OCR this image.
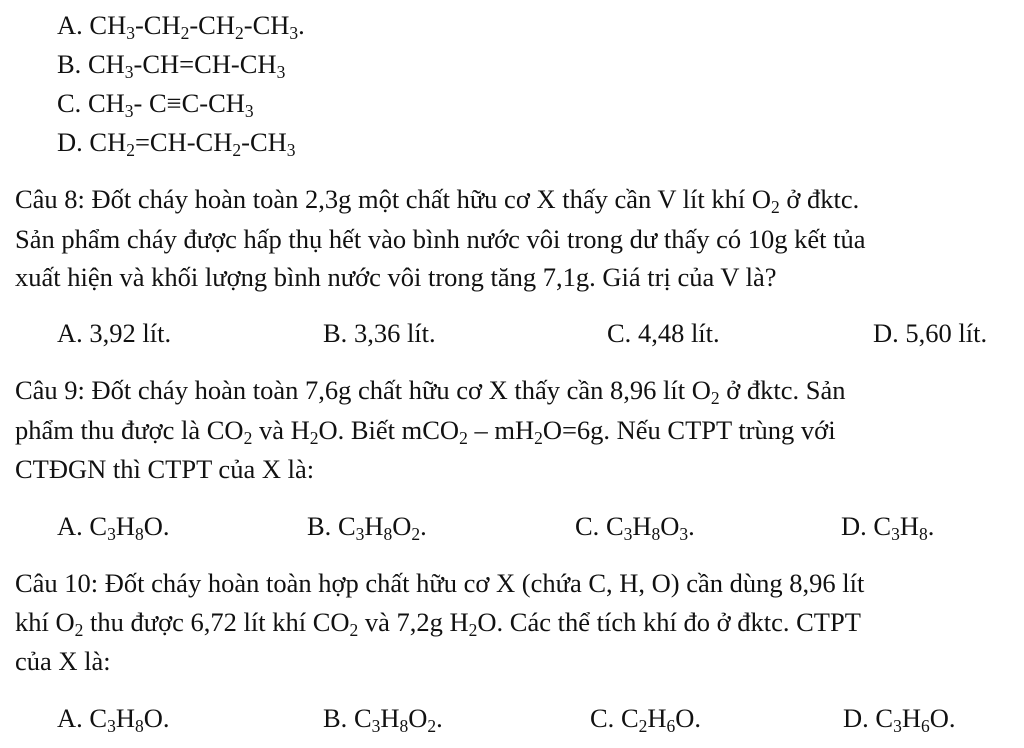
A. CH3-CH2-CH2-CH3.
B. CH3-CH=CH-CH3
C. CH3- C≡C-CH3
D. CH2=CH-CH2-CH3
Câu 8: Đốt cháy hoàn toàn 2,3g một chất hữu cơ X thấy cần V lít khí O2 ở đktc.
Sản phẩm cháy được hấp thụ hết vào bình nước vôi trong dư thấy có 10g kết tủa
xuất hiện và khối lượng bình nước vôi trong tăng 7,1g. Giá trị của V là?
A. 3,92 lít.	B. 3,36 lít.	C. 4,48 lít.	D. 5,60 lít.
Câu 9: Đốt cháy hoàn toàn 7,6g chất hữu cơ X thấy cần 8,96 lít O2 ở đktc. Sản
phẩm thu được là CO2 và H2O. Biết mCO2 – mH2O=6g. Nếu CTPT trùng với
CTĐGN thì CTPT của X là:
A. C3H8O.	B. C3H8O2.	C. C3H8O3.	D. C3H8.
Câu 10: Đốt cháy hoàn toàn hợp chất hữu cơ X (chứa C, H, O) cần dùng 8,96 lít
khí O2 thu được 6,72 lít khí CO2 và 7,2g H2O. Các thể tích khí đo ở đktc. CTPT
của X là:
A. C3H8O.	B. C3H8O2.	C. C2H6O.	D. C3H6O.
